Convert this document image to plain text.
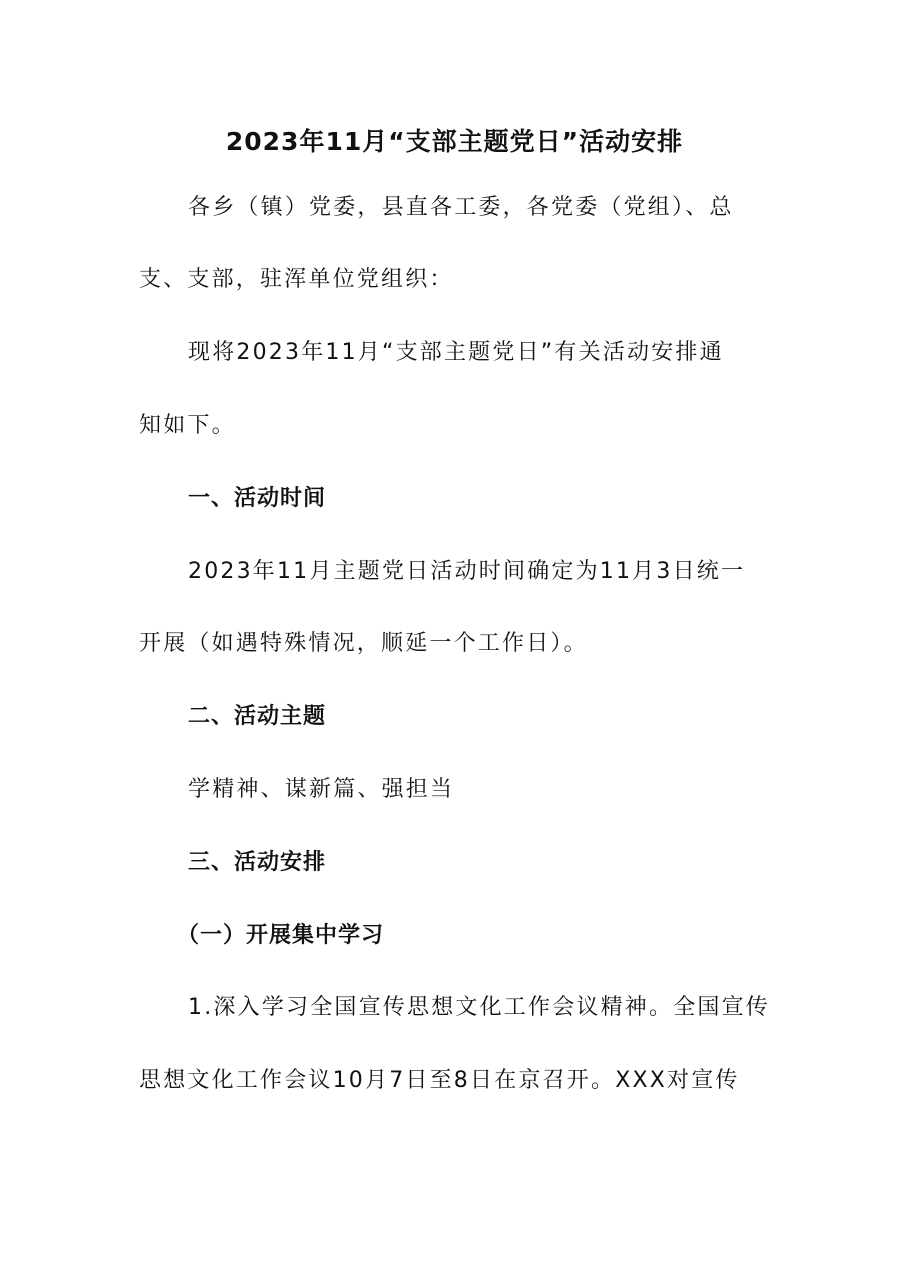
2023年11月“支部主题党日”活动安排
各乡（镇）党委，县直各工委，各党委（党组）、总
支、支部，驻浑单位党组织：
现将2023年11月“支部主题党日”有关活动安排通
知如下。
一、活动时间
2023年11月主题党日活动时间确定为11月3日统一
开展（如遇特殊情况，顺延一个工作日）。
二、活动主题
学精神、谋新篇、强担当
三、活动安排
（一）开展集中学习
1.深入学习全国宣传思想文化工作会议精神。全国宣传
思想文化工作会议10月7日至8日在京召开。XXX对宣传
